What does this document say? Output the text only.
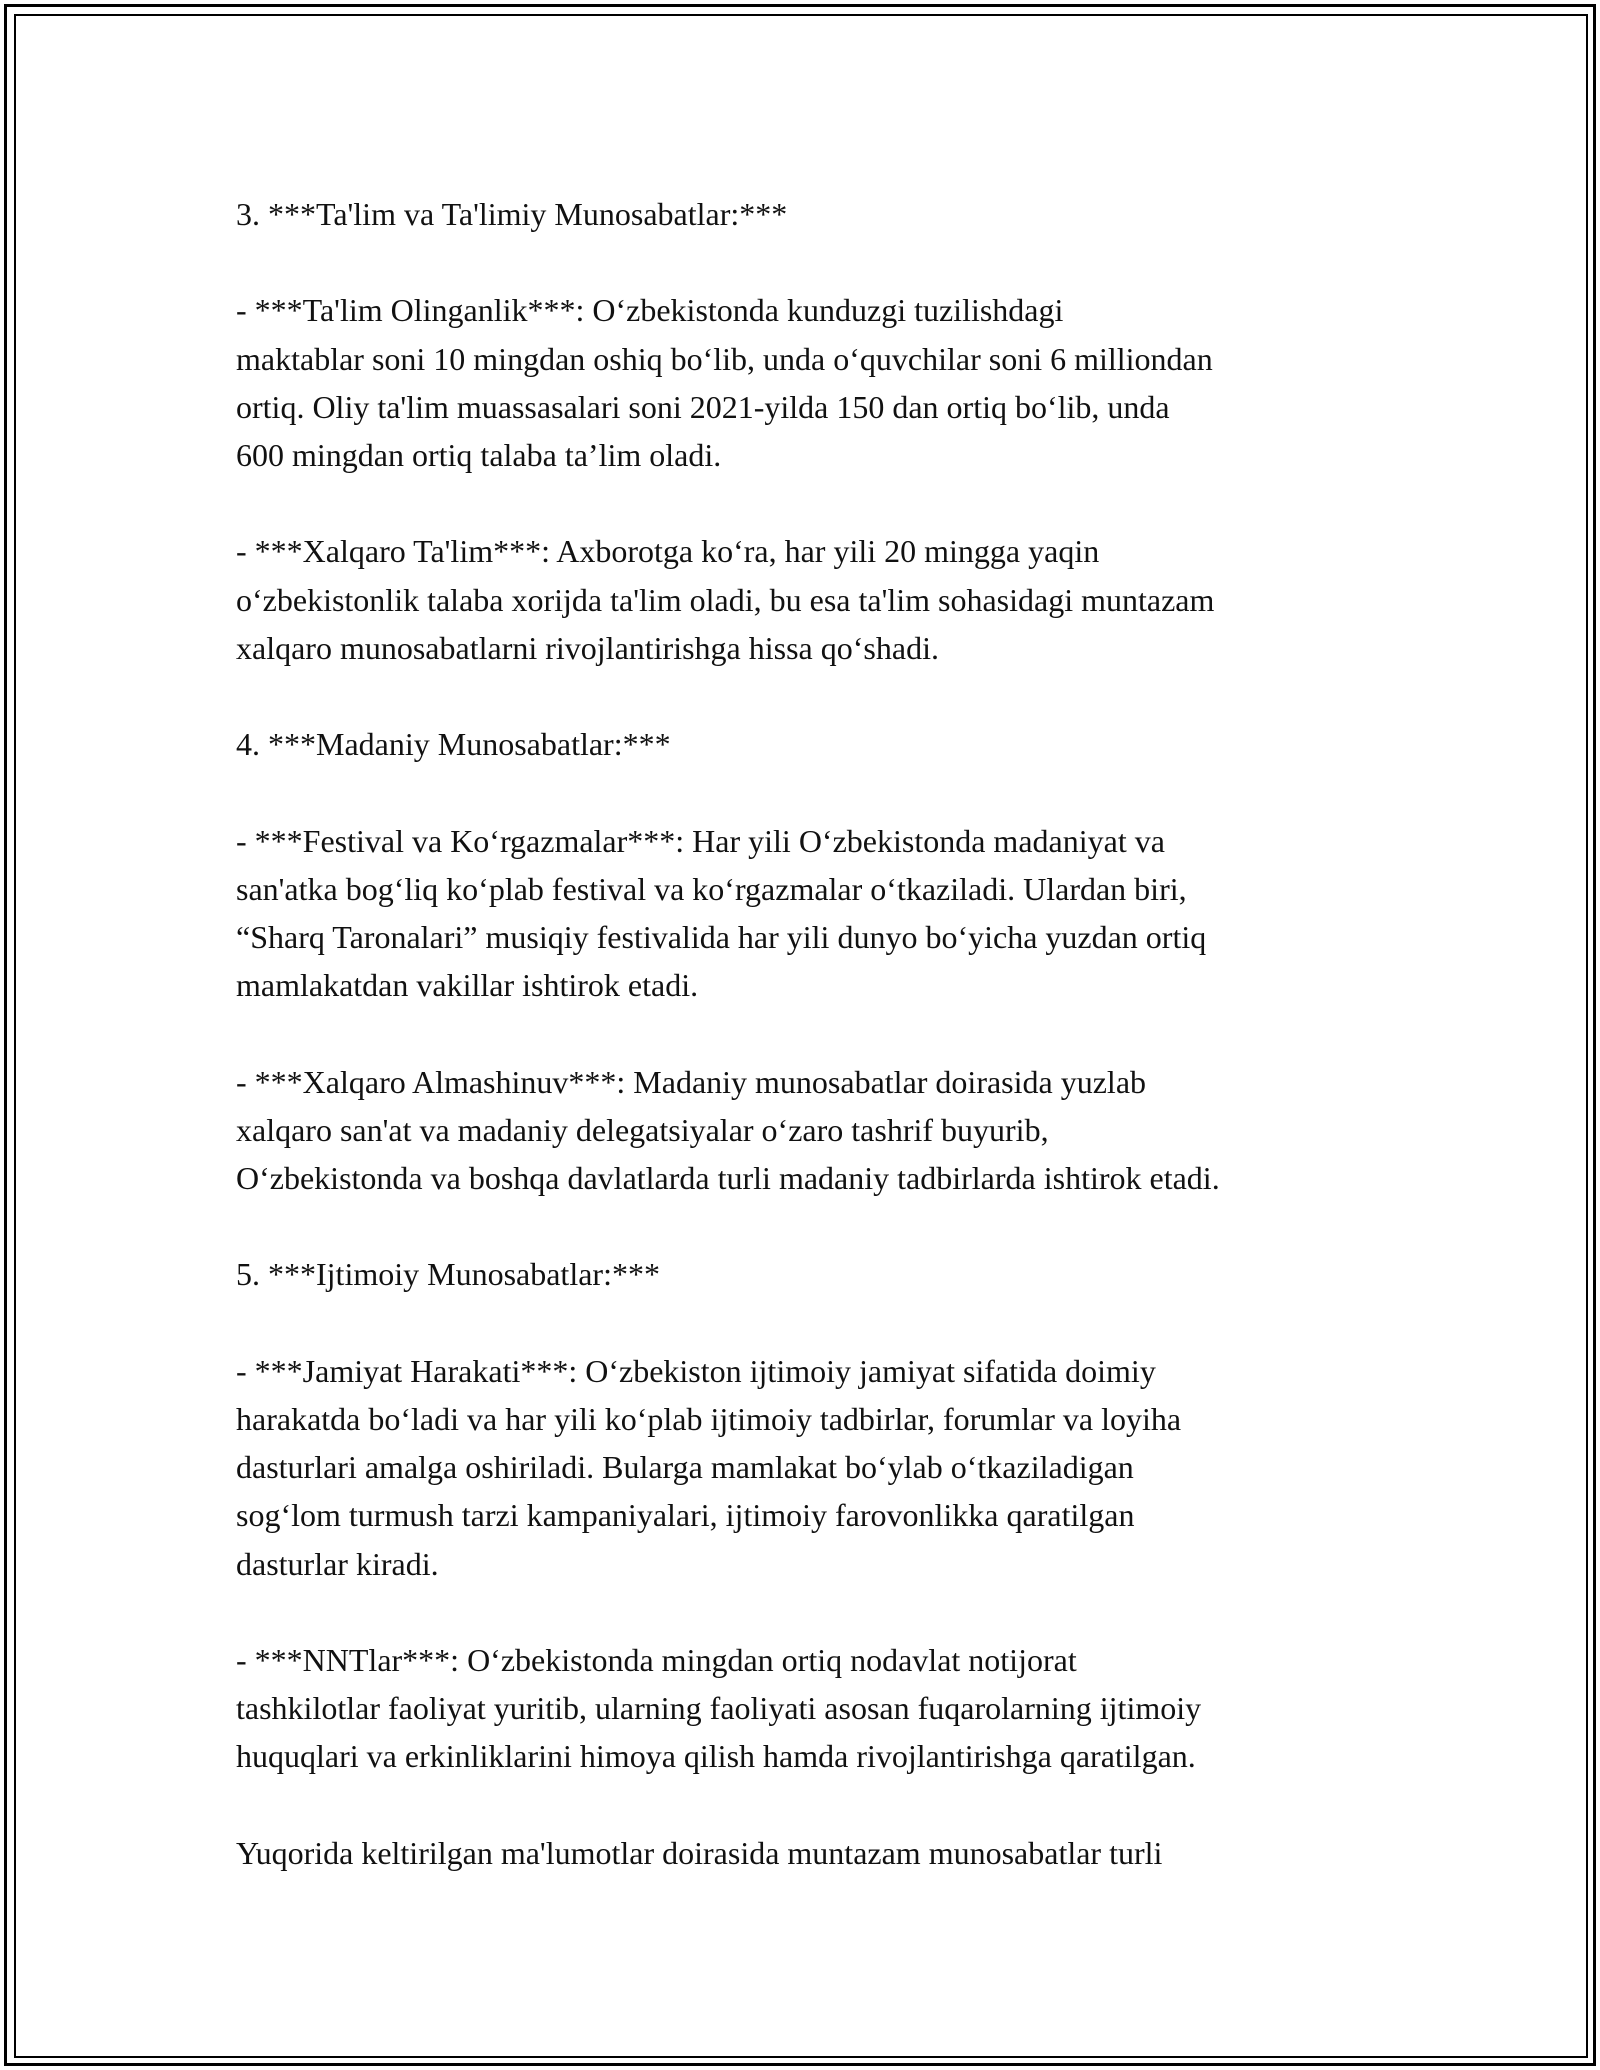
3. ***Ta'lim va Ta'limiy Munosabatlar:***

- ***Ta'lim Olinganlik***: O‘zbekistonda kunduzgi tuzilishdagi
maktablar soni 10 mingdan oshiq bo‘lib, unda o‘quvchilar soni 6 milliondan
ortiq. Oliy ta'lim muassasalari soni 2021-yilda 150 dan ortiq bo‘lib, unda
600 mingdan ortiq talaba ta’lim oladi.

- ***Xalqaro Ta'lim***: Axborotga ko‘ra, har yili 20 mingga yaqin
o‘zbekistonlik talaba xorijda ta'lim oladi, bu esa ta'lim sohasidagi muntazam
xalqaro munosabatlarni rivojlantirishga hissa qo‘shadi.

4. ***Madaniy Munosabatlar:***

- ***Festival va Ko‘rgazmalar***: Har yili O‘zbekistonda madaniyat va
san'atka bog‘liq ko‘plab festival va ko‘rgazmalar o‘tkaziladi. Ulardan biri,
“Sharq Taronalari” musiqiy festivalida har yili dunyo bo‘yicha yuzdan ortiq
mamlakatdan vakillar ishtirok etadi.

- ***Xalqaro Almashinuv***: Madaniy munosabatlar doirasida yuzlab
xalqaro san'at va madaniy delegatsiyalar o‘zaro tashrif buyurib,
O‘zbekistonda va boshqa davlatlarda turli madaniy tadbirlarda ishtirok etadi.

5. ***Ijtimoiy Munosabatlar:***

- ***Jamiyat Harakati***: O‘zbekiston ijtimoiy jamiyat sifatida doimiy
harakatda bo‘ladi va har yili ko‘plab ijtimoiy tadbirlar, forumlar va loyiha
dasturlari amalga oshiriladi. Bularga mamlakat bo‘ylab o‘tkaziladigan
sog‘lom turmush tarzi kampaniyalari, ijtimoiy farovonlikka qaratilgan
dasturlar kiradi.

- ***NNTlar***: O‘zbekistonda mingdan ortiq nodavlat notijorat
tashkilotlar faoliyat yuritib, ularning faoliyati asosan fuqarolarning ijtimoiy
huquqlari va erkinliklarini himoya qilish hamda rivojlantirishga qaratilgan.

Yuqorida keltirilgan ma'lumotlar doirasida muntazam munosabatlar turli
